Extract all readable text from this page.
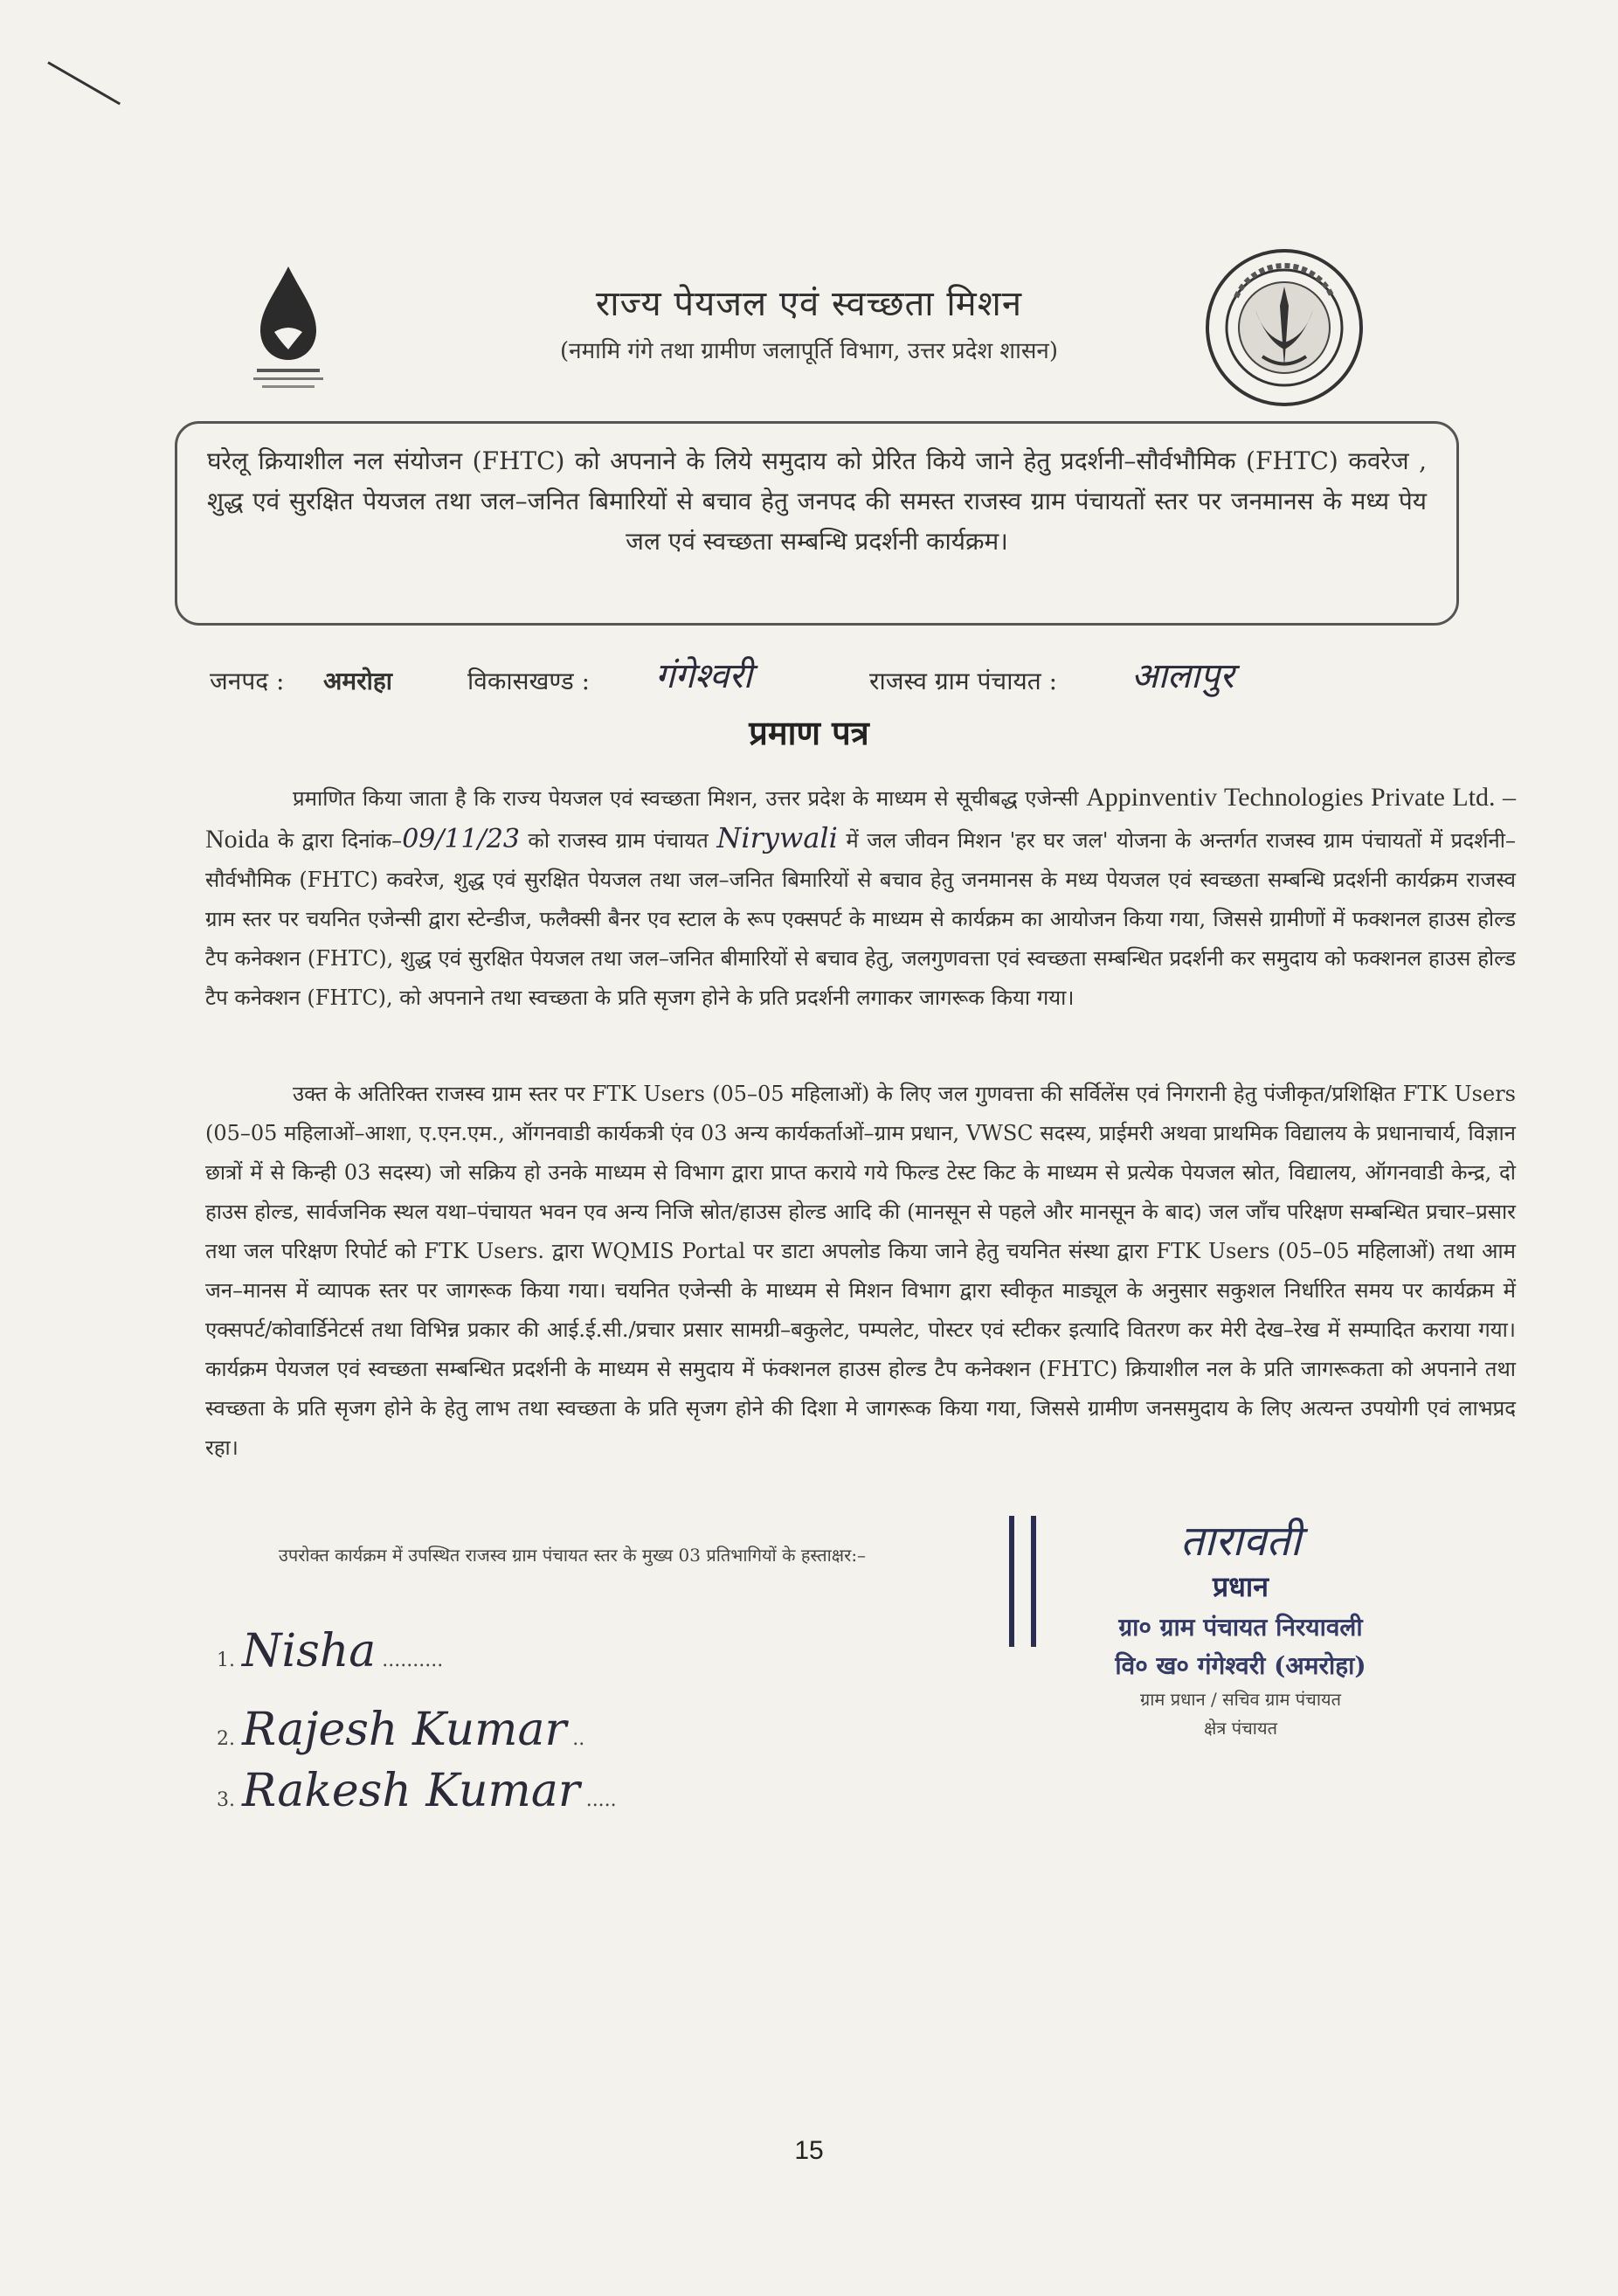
राज्य पेयजल एवं स्वच्छता मिशन
(नमामि गंगे तथा ग्रामीण जलापूर्ति विभाग, उत्तर प्रदेश शासन)
घरेलू क्रियाशील नल संयोजन (FHTC) को अपनाने के लिये समुदाय को प्रेरित किये जाने हेतु प्रदर्शनी–सौर्वभौमिक (FHTC) कवरेज , शुद्ध एवं सुरक्षित पेयजल तथा जल–जनित बिमारियों से बचाव हेतु जनपद की समस्त राजस्व ग्राम पंचायतों स्तर पर जनमानस के मध्य पेय जल एवं स्वच्छता सम्बन्धि प्रदर्शनी कार्यक्रम।
जनपद : अमरोहा	विकासखण्ड : गंगेश्वरी	राजस्व ग्राम पंचायत : आलापुर
प्रमाण पत्र
प्रमाणित किया जाता है कि राज्य पेयजल एवं स्वच्छता मिशन, उत्तर प्रदेश के माध्यम से सूचीबद्ध एजेन्सी Appinventiv Technologies Private Ltd. – Noida के द्वारा दिनांक–09/11/23 को राजस्व ग्राम पंचायत Nirywali में जल जीवन मिशन 'हर घर जल' योजना के अन्तर्गत राजस्व ग्राम पंचायतों में प्रदर्शनी–सौर्वभौमिक (FHTC) कवरेज, शुद्ध एवं सुरक्षित पेयजल तथा जल–जनित बिमारियों से बचाव हेतु जनमानस के मध्य पेयजल एवं स्वच्छता सम्बन्धि प्रदर्शनी कार्यक्रम राजस्व ग्राम स्तर पर चयनित एजेन्सी द्वारा स्टेन्डीज, फलैक्सी बैनर एव स्टाल के रूप एक्सपर्ट के माध्यम से कार्यक्रम का आयोजन किया गया, जिससे ग्रामीणों में फक्शनल हाउस होल्ड टैप कनेक्शन (FHTC), शुद्ध एवं सुरक्षित पेयजल तथा जल–जनित बीमारियों से बचाव हेतु, जलगुणवत्ता एवं स्वच्छता सम्बन्धित प्रदर्शनी कर समुदाय को फक्शनल हाउस होल्ड टैप कनेक्शन (FHTC), को अपनाने तथा स्वच्छता के प्रति सृजग होने के प्रति प्रदर्शनी लगाकर जागरूक किया गया।
उक्त के अतिरिक्त राजस्व ग्राम स्तर पर FTK Users (05–05 महिलाओं) के लिए जल गुणवत्ता की सर्विलेंस एवं निगरानी हेतु पंजीकृत/प्रशिक्षित FTK Users (05–05 महिलाओं–आशा, ए.एन.एम., ऑगनवाडी कार्यकत्री एंव 03 अन्य कार्यकर्ताओं–ग्राम प्रधान, VWSC सदस्य, प्राईमरी अथवा प्राथमिक विद्यालय के प्रधानाचार्य, विज्ञान छात्रों में से किन्ही 03 सदस्य) जो सक्रिय हो उनके माध्यम से विभाग द्वारा प्राप्त कराये गये फिल्ड टेस्ट किट के माध्यम से प्रत्येक पेयजल स्रोत, विद्यालय, ऑगनवाडी केन्द्र, दो हाउस होल्ड, सार्वजनिक स्थल यथा–पंचायत भवन एव अन्य निजि स्रोत/हाउस होल्ड आदि की (मानसून से पहले और मानसून के बाद) जल जाँच परिक्षण सम्बन्धित प्रचार–प्रसार तथा जल परिक्षण रिपोर्ट को FTK Users. द्वारा WQMIS Portal पर डाटा अपलोड किया जाने हेतु चयनित संस्था द्वारा FTK Users (05–05 महिलाओं) तथा आम जन–मानस में व्यापक स्तर पर जागरूक किया गया। चयनित एजेन्सी के माध्यम से मिशन विभाग द्वारा स्वीकृत माड्यूल के अनुसार सकुशल निर्धारित समय पर कार्यक्रम में एक्सपर्ट/कोवार्डिनेटर्स तथा विभिन्न प्रकार की आई.ई.सी./प्रचार प्रसार सामग्री–बकुलेट, पम्पलेट, पोस्टर एवं स्टीकर इत्यादि वितरण कर मेरी देख–रेख में सम्पादित कराया गया। कार्यक्रम पेयजल एवं स्वच्छता सम्बन्धित प्रदर्शनी के माध्यम से समुदाय में फंक्शनल हाउस होल्ड टैप कनेक्शन (FHTC) क्रियाशील नल के प्रति जागरूकता को अपनाने तथा स्वच्छता के प्रति सृजग होने के हेतु लाभ तथा स्वच्छता के प्रति सृजग होने की दिशा मे जागरूक किया गया, जिससे ग्रामीण जनसमुदाय के लिए अत्यन्त उपयोगी एवं लाभप्रद रहा।
उपरोक्त कार्यक्रम में उपस्थित राजस्व ग्राम पंचायत स्तर के मुख्य 03 प्रतिभागियों के हस्ताक्षर:–
1. Nisha ..........
2. Rajesh Kumar ..
3. Rakesh Kumar .....
तारावती
प्रधान
ग्रा० ग्राम पंचायत निरयावली
वि० ख० गंगेश्वरी (अमरोहा)
ग्राम प्रधान / सचिव ग्राम पंचायत
क्षेत्र पंचायत
15
